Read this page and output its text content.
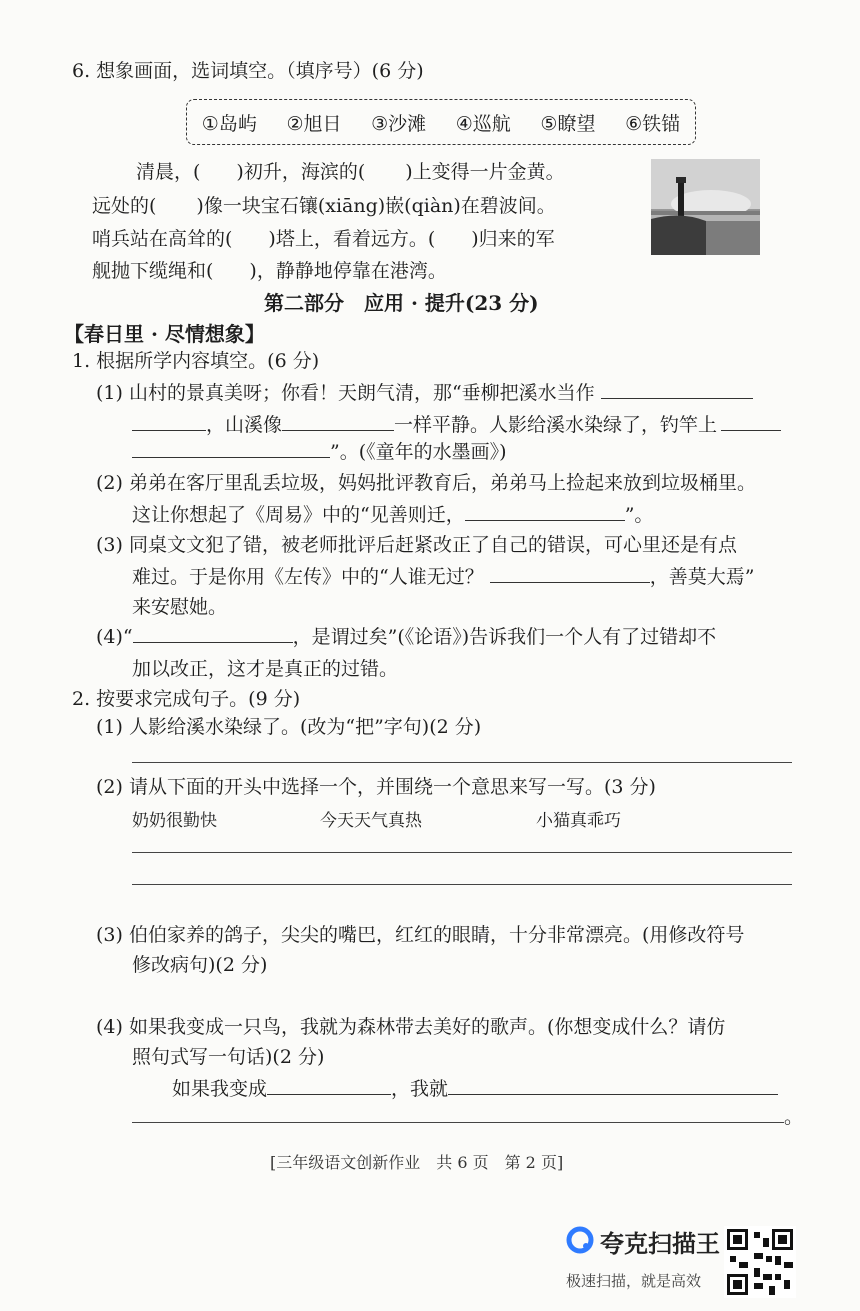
6. 想象画面，选词填空。（填序号）(6 分)
①岛屿 ②旭日 ③沙滩 ④巡航 ⑤瞭望 ⑥铁锚
清晨，( )初升，海滨的( )上变得一片金黄。
远处的( )像一块宝石镶(xiāng)嵌(qiàn)在碧波间。
哨兵站在高耸的( )塔上，看着远方。( )归来的军
舰抛下缆绳和( )，静静地停靠在港湾。
第二部分　应用 · 提升(23 分)
【春日里 · 尽情想象】
1. 根据所学内容填空。(6 分)
(1) 山村的景真美呀；你看！天朗气清，那“垂柳把溪水当作
，山溪像	一样平静。人影给溪水染绿了，钓竿上
”。(《童年的水墨画》)
(2) 弟弟在客厅里乱丢垃圾，妈妈批评教育后，弟弟马上捡起来放到垃圾桶里。
这让你想起了《周易》中的“见善则迁，	”。
(3) 同桌文文犯了错，被老师批评后赶紧改正了自己的错误，可心里还是有点
难过。于是你用《左传》中的“人谁无过？	，善莫大焉”
来安慰她。
(4)“	，是谓过矣”(《论语》)告诉我们一个人有了过错却不
加以改正，这才是真正的过错。
2. 按要求完成句子。(9 分)
(1) 人影给溪水染绿了。(改为“把”字句)(2 分)
(2) 请从下面的开头中选择一个，并围绕一个意思来写一写。(3 分)
奶奶很勤快	今天天气真热	小猫真乖巧
(3) 伯伯家养的鸽子，尖尖的嘴巴，红红的眼睛，十分非常漂亮。(用修改符号
修改病句)(2 分)
(4) 如果我变成一只鸟，我就为森林带去美好的歌声。(你想变成什么？请仿
照句式写一句话)(2 分)
如果我变成	，我就
。
[三年级语文创新作业　共 6 页　第 2 页]
夸克扫描王
极速扫描，就是高效
